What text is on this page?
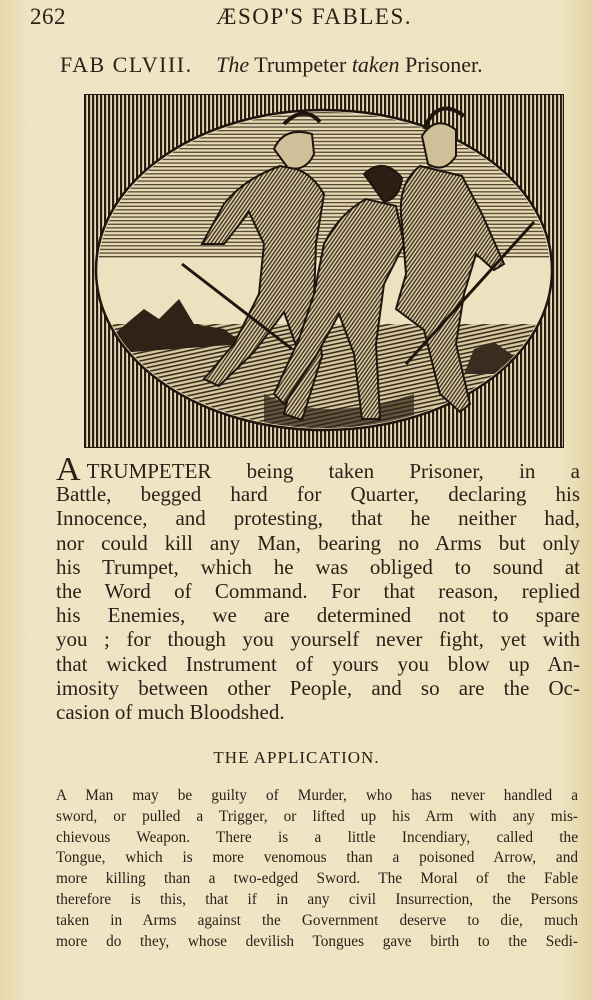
262	ÆSOP'S FABLES.
FAB CLVIII. The Trumpeter taken Prisoner.
ATRUMPETER being taken Prisoner, in a
Battle, begged hard for Quarter, declaring his
Innocence, and protesting, that he neither had,
nor could kill any Man, bearing no Arms but only
his Trumpet, which he was obliged to sound at
the Word of Command. For that reason, replied
his Enemies, we are determined not to spare
you ; for though you yourself never fight, yet with
that wicked Instrument of yours you blow up An-
imosity between other People, and so are the Oc-
casion of much Bloodshed.
THE APPLICATION.
A Man may be guilty of Murder, who has never handled a
sword, or pulled a Trigger, or lifted up his Arm with any mis-
chievous Weapon. There is a little Incendiary, called the
Tongue, which is more venomous than a poisoned Arrow, and
more killing than a two-edged Sword. The Moral of the Fable
therefore is this, that if in any civil Insurrection, the Persons
taken in Arms against the Government deserve to die, much
more do they, whose devilish Tongues gave birth to the Sedi-
